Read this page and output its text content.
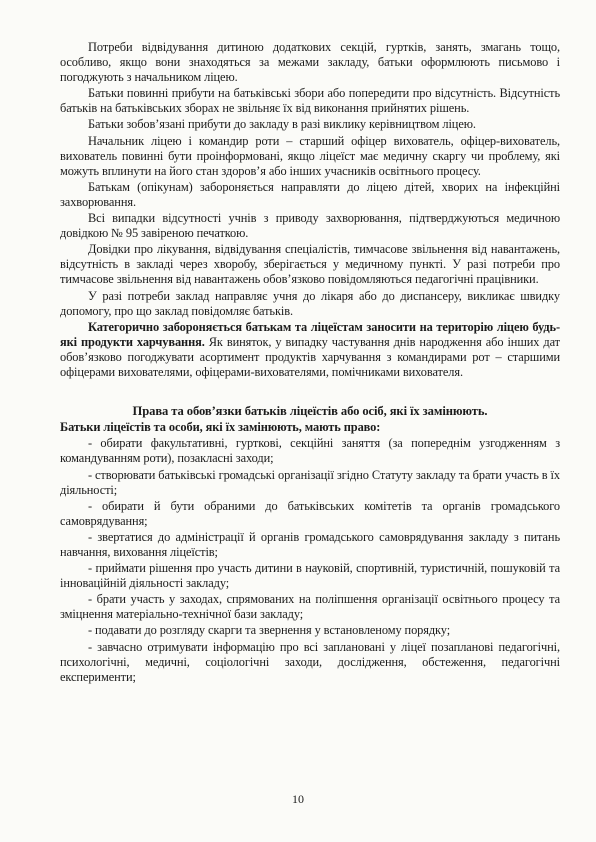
Потреби відвідування дитиною додаткових секцій, гуртків, занять, змагань тощо, особливо, якщо вони знаходяться за межами закладу, батьки оформлюють письмово і погоджують з начальником ліцею.

Батьки повинні прибути на батьківські збори або попередити про відсутність. Відсутність батьків на батьківських зборах не звільняє їх від виконання прийнятих рішень.

Батьки зобов’язані прибути до закладу в разі виклику керівництвом ліцею.

Начальник ліцею і командир роти – старший офіцер вихователь, офіцер-вихователь, вихователь повинні бути проінформовані, якщо ліцеїст має медичну скаргу чи проблему, які можуть вплинути на його стан здоров’я або інших учасників освітнього процесу.

Батькам (опікунам) забороняється направляти до ліцею дітей, хворих на інфекційні захворювання.

Всі випадки відсутності учнів з приводу захворювання, підтверджуються медичною довідкою № 95 завіреною печаткою.

Довідки про лікування, відвідування спеціалістів, тимчасове звільнення від навантажень, відсутність в закладі через хворобу, зберігається у медичному пункті. У разі потреби про тимчасове звільнення від навантажень обов’язково повідомляються педагогічні працівники.

У разі потреби заклад направляє учня до лікаря або до диспансеру, викликає швидку допомогу, про що заклад повідомляє батьків.

Категорично забороняється батькам та ліцеїстам заносити на територію ліцею будь-які продукти харчування. Як виняток, у випадку частування днів народження або інших дат обов’язково погоджувати асортимент продуктів харчування з командирами рот – старшими офіцерами вихователями, офіцерами-вихователями, помічниками вихователя.

Права та обов’язки батьків ліцеїстів або осіб, які їх замінюють.

Батьки ліцеїстів та особи, які їх замінюють, мають право:

- обирати факультативні, гурткові, секційні заняття (за попереднім узгодженням з командуванням роти), позакласні заходи;

- створювати батьківські громадські організації згідно Статуту закладу та брати участь в їх діяльності;

- обирати й бути обраними до батьківських комітетів та органів громадського самоврядування;

- звертатися до адміністрації й органів громадського самоврядування закладу з питань навчання, виховання ліцеїстів;

- приймати рішення про участь дитини в науковій, спортивній, туристичній, пошуковій та інноваційній діяльності закладу;

- брати участь у заходах, спрямованих на поліпшення організації освітнього процесу та зміцнення матеріально-технічної бази закладу;

- подавати до розгляду скарги та звернення у встановленому порядку;

- завчасно отримувати інформацію про всі заплановані у ліцеї позапланові педагогічні, психологічні, медичні, соціологічні заходи, дослідження, обстеження, педагогічні експерименти;

10
